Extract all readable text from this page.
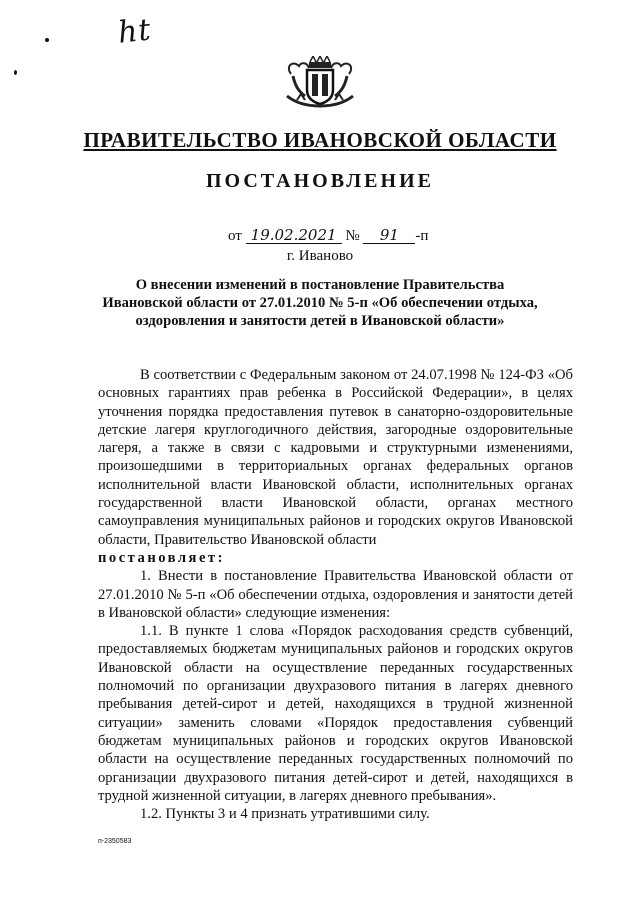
ht
ПРАВИТЕЛЬСТВО ИВАНОВСКОЙ ОБЛАСТИ
ПОСТАНОВЛЕНИЕ
от 19.02.2021 № 91 -п
г. Иваново
О внесении изменений в постановление Правительства Ивановской области от 27.01.2010 № 5-п «Об обеспечении отдыха, оздоровления и занятости детей в Ивановской области»

В соответствии с Федеральным законом от 24.07.1998 № 124-ФЗ «Об основных гарантиях прав ребенка в Российской Федерации», в целях уточнения порядка предоставления путевок в санаторно-оздоровительные детские лагеря круглогодичного действия, загородные оздоровительные лагеря, а также в связи с кадровыми и структурными изменениями, произошедшими в территориальных органах федеральных органов исполнительной власти Ивановской области, исполнительных органах государственной власти Ивановской области, органах местного самоуправления муниципальных районов и городских округов Ивановской области, Правительство Ивановской области

постановляет:

1. Внести в постановление Правительства Ивановской области от 27.01.2010 № 5-п «Об обеспечении отдыха, оздоровления и занятости детей в Ивановской области» следующие изменения:

1.1. В пункте 1 слова «Порядок расходования средств субвенций, предоставляемых бюджетам муниципальных районов и городских округов Ивановской области на осуществление переданных государственных полномочий по организации двухразового питания в лагерях дневного пребывания детей-сирот и детей, находящихся в трудной жизненной ситуации» заменить словами «Порядок предоставления субвенций бюджетам муниципальных районов и городских округов Ивановской области на осуществление переданных государственных полномочий по организации двухразового питания детей-сирот и детей, находящихся в трудной жизненной ситуации, в лагерях дневного пребывания».

1.2. Пункты 3 и 4 признать утратившими силу.

п-2350583
